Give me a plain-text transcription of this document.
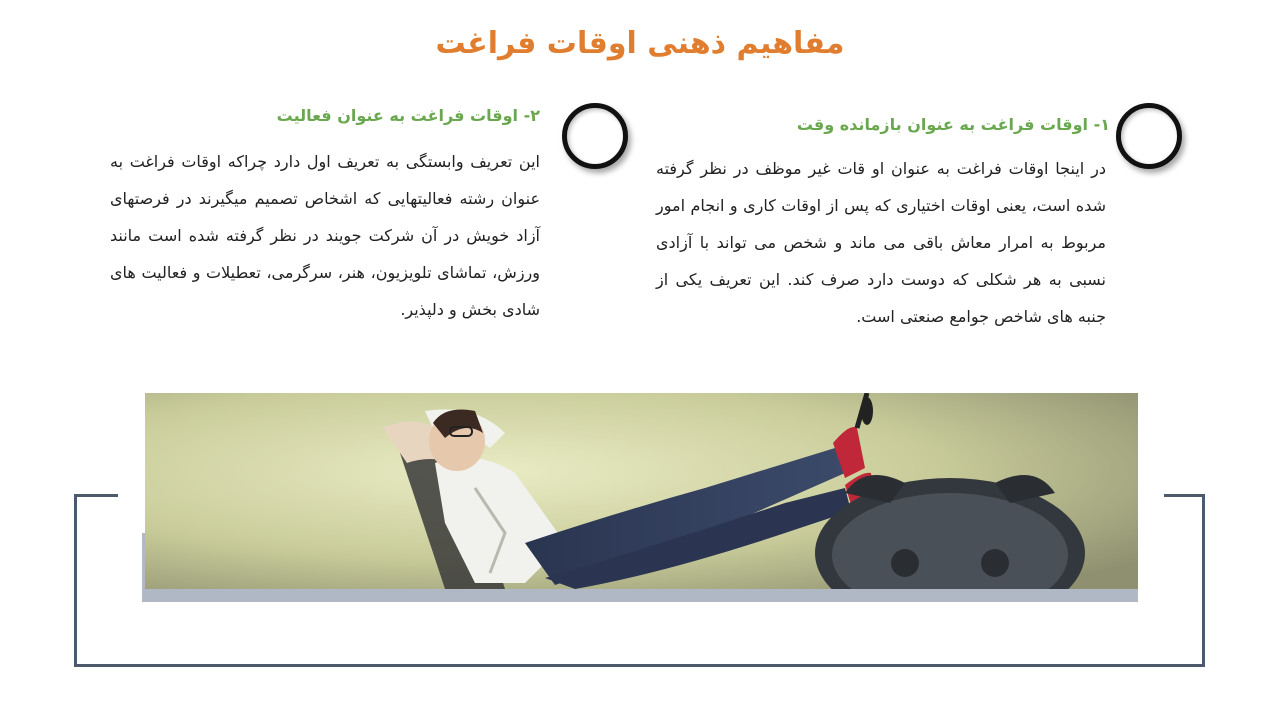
مفاهیم ذهنی اوقات فراغت
۱- اوقات فراغت به عنوان بازمانده وقت
در اینجا اوقات فراغت به عنوان او قات غیر موظف در نظر گرفته شده است، یعنی اوقات اختیاری که پس از اوقات کاری و انجام امور مربوط به امرار معاش باقی می ماند و شخص می تواند با آزادی نسبی به هر شکلی که دوست دارد صرف کند. این تعریف یکی از جنبه های شاخص جوامع صنعتی است.
۲- اوقات فراغت به عنوان فعالیت
این تعریف وابستگی به تعریف اول دارد چراکه اوقات فراغت به عنوان رشته فعالیتهایی که اشخاص تصمیم میگیرند در فرصتهای آزاد خویش در آن شرکت جویند در نظر گرفته شده است مانند ورزش، تماشای تلویزیون، هنر، سرگرمی، تعطیلات و فعالیت های شادی بخش و دلپذیر.
